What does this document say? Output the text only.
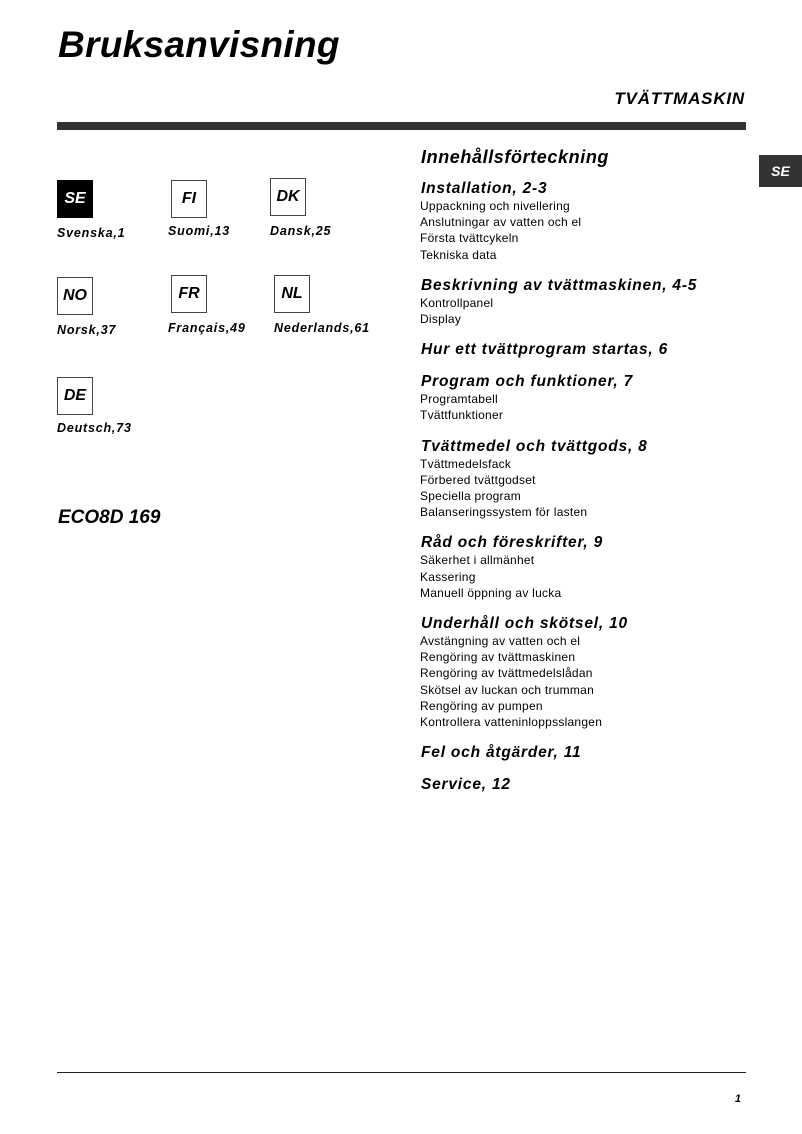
Bruksanvisning
TVÄTTMASKIN
SE
SE
Svenska,1
FI
Suomi,13
DK
Dansk,25
NO
Norsk,37
FR
Français,49
NL
Nederlands,61
DE
Deutsch,73
ECO8D 169
Innehållsförteckning
Installation, 2-3
Uppackning och nivellering
Anslutningar av vatten och el
Första tvättcykeln
Tekniska data
Beskrivning av tvättmaskinen, 4-5
Kontrollpanel
Display
Hur ett tvättprogram startas, 6
Program och funktioner, 7
Programtabell
Tvättfunktioner
Tvättmedel och tvättgods, 8
Tvättmedelsfack
Förbered tvättgodset
Speciella program
Balanseringssystem för lasten
Råd och föreskrifter, 9
Säkerhet i allmänhet
Kassering
Manuell öppning av lucka
Underhåll och skötsel, 10
Avstängning av vatten och el
Rengöring av tvättmaskinen
Rengöring av tvättmedelslådan
Skötsel av luckan och trumman
Rengöring av pumpen
Kontrollera vatteninloppsslangen
Fel och åtgärder, 11
Service, 12
1
